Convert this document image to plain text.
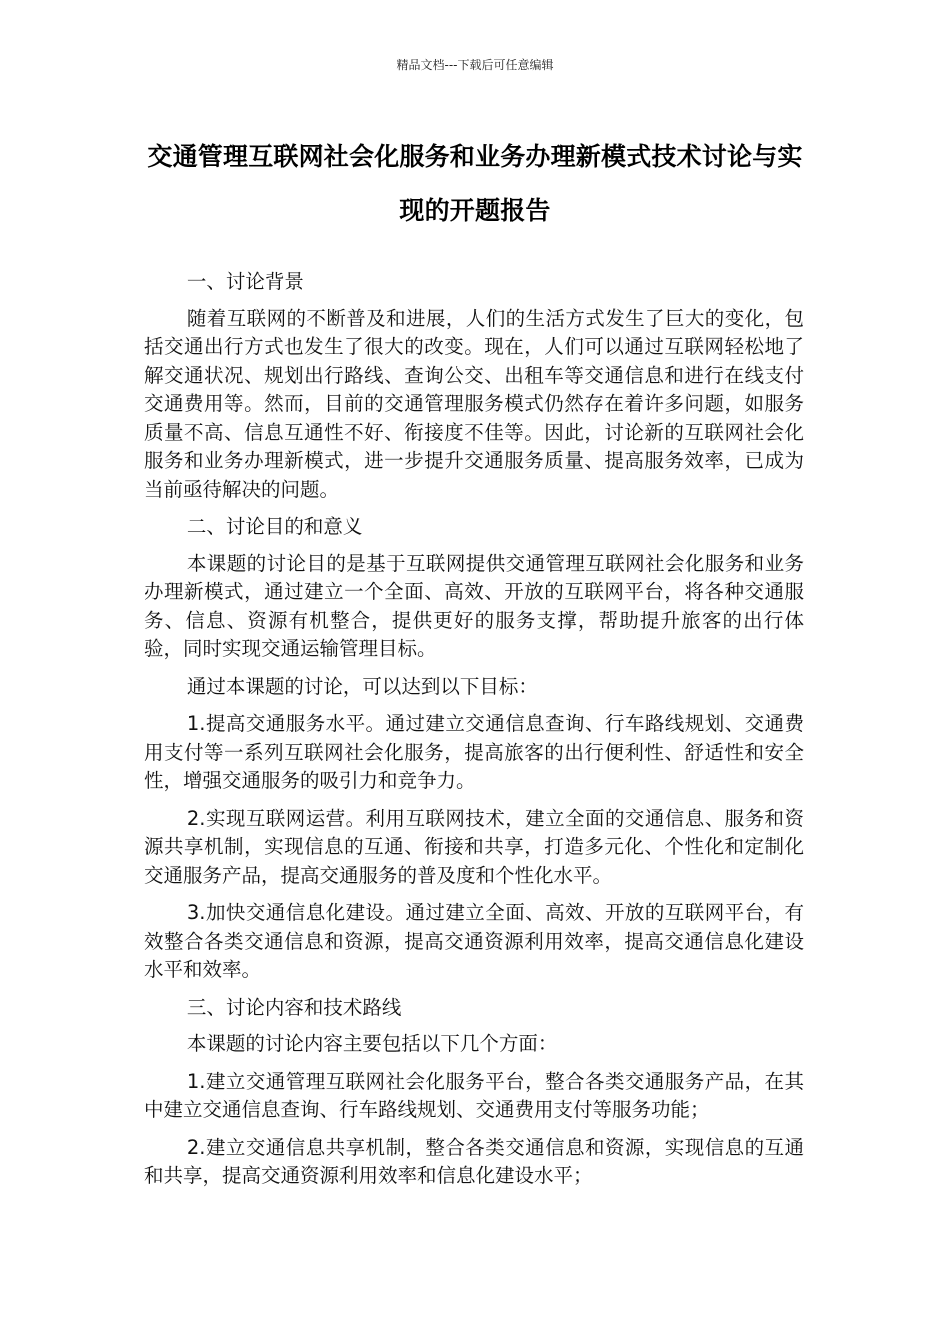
精品文档---下载后可任意编辑
交通管理互联网社会化服务和业务办理新模式技术讨论与实现的开题报告

一、讨论背景

随着互联网的不断普及和进展，人们的生活方式发生了巨大的变化，包括交通出行方式也发生了很大的改变。现在，人们可以通过互联网轻松地了解交通状况、规划出行路线、查询公交、出租车等交通信息和进行在线支付交通费用等。然而，目前的交通管理服务模式仍然存在着许多问题，如服务质量不高、信息互通性不好、衔接度不佳等。因此，讨论新的互联网社会化服务和业务办理新模式，进一步提升交通服务质量、提高服务效率，已成为当前亟待解决的问题。

二、讨论目的和意义

本课题的讨论目的是基于互联网提供交通管理互联网社会化服务和业务办理新模式，通过建立一个全面、高效、开放的互联网平台，将各种交通服务、信息、资源有机整合，提供更好的服务支撑，帮助提升旅客的出行体验，同时实现交通运输管理目标。

通过本课题的讨论，可以达到以下目标：

1.提高交通服务水平。通过建立交通信息查询、行车路线规划、交通费用支付等一系列互联网社会化服务，提高旅客的出行便利性、舒适性和安全性，增强交通服务的吸引力和竞争力。

2.实现互联网运营。利用互联网技术，建立全面的交通信息、服务和资源共享机制，实现信息的互通、衔接和共享，打造多元化、个性化和定制化交通服务产品，提高交通服务的普及度和个性化水平。

3.加快交通信息化建设。通过建立全面、高效、开放的互联网平台，有效整合各类交通信息和资源，提高交通资源利用效率，提高交通信息化建设水平和效率。

三、讨论内容和技术路线

本课题的讨论内容主要包括以下几个方面：

1.建立交通管理互联网社会化服务平台，整合各类交通服务产品，在其中建立交通信息查询、行车路线规划、交通费用支付等服务功能；

2.建立交通信息共享机制，整合各类交通信息和资源，实现信息的互通和共享，提高交通资源利用效率和信息化建设水平；
